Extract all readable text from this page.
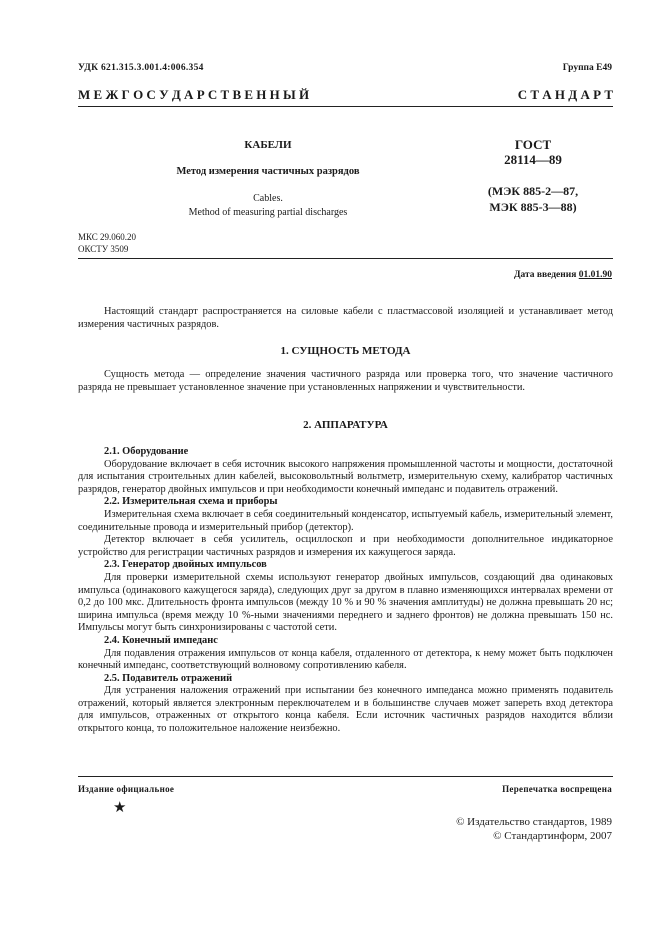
УДК 621.315.3.001.4:006.354	Группа Е49
М Е Ж Г О С У Д А Р С Т В Е Н Н Ы Й	С Т А Н Д А Р Т
КАБЕЛИ
Метод измерения частичных разрядов
Cables.
Method of measuring partial discharges
ГОСТ
28114—89
(МЭК 885-2—87,
МЭК 885-3—88)
МКС 29.060.20
ОКСТУ 3509
Дата введения 01.01.90

Настоящий стандарт распространяется на силовые кабели с пластмассовой изоляцией и устанавливает метод измерения частичных разрядов.

1. СУЩНОСТЬ МЕТОДА

Сущность метода — определение значения частичного разряда или проверка того, что значение частичного разряда не превышает установленное значение при установленных напряжении и чувствительности.

2. АППАРАТУРА

2.1. Оборудование

Оборудование включает в себя источник высокого напряжения промышленной частоты и мощности, достаточной для испытания строительных длин кабелей, высоковольтный вольтметр, измерительную схему, калибратор частичных разрядов, генератор двойных импульсов и при необходимости конечный импеданс и подавитель отражений.

2.2. Измерительная схема и приборы

Измерительная схема включает в себя соединительный конденсатор, испытуемый кабель, измерительный элемент, соединительные провода и измерительный прибор (детектор).

Детектор включает в себя усилитель, осциллоскоп и при необходимости дополнительное индикаторное устройство для регистрации частичных разрядов и измерения их кажущегося заряда.

2.3. Генератор двойных импульсов

Для проверки измерительной схемы используют генератор двойных импульсов, создающий два одинаковых импульса (одинакового кажущегося заряда), следующих друг за другом в плавно изменяющихся интервалах времени от 0,2 до 100 мкс. Длительность фронта импульсов (между 10 % и 90 % значения амплитуды) не должна превышать 20 нс; ширина импульса (время между 10 %-ными значениями переднего и заднего фронтов) не должна превышать 150 нс. Импульсы могут быть синхронизированы с частотой сети.

2.4. Конечный импеданс

Для подавления отражения импульсов от конца кабеля, отдаленного от детектора, к нему может быть подключен конечный импеданс, соответствующий волновому сопротивлению кабеля.

2.5. Подавитель отражений

Для устранения наложения отражений при испытании без конечного импеданса можно применять подавитель отражений, который является электронным переключателем и в большинстве случаев может запереть вход детектора для импульсов, отраженных от открытого конца кабеля. Если источник частичных разрядов находится вблизи открытого конца, то положительное наложение неизбежно.

Издание официальное	Перепечатка воспрещена
★
© Издательство стандартов, 1989
© Стандартинформ, 2007
